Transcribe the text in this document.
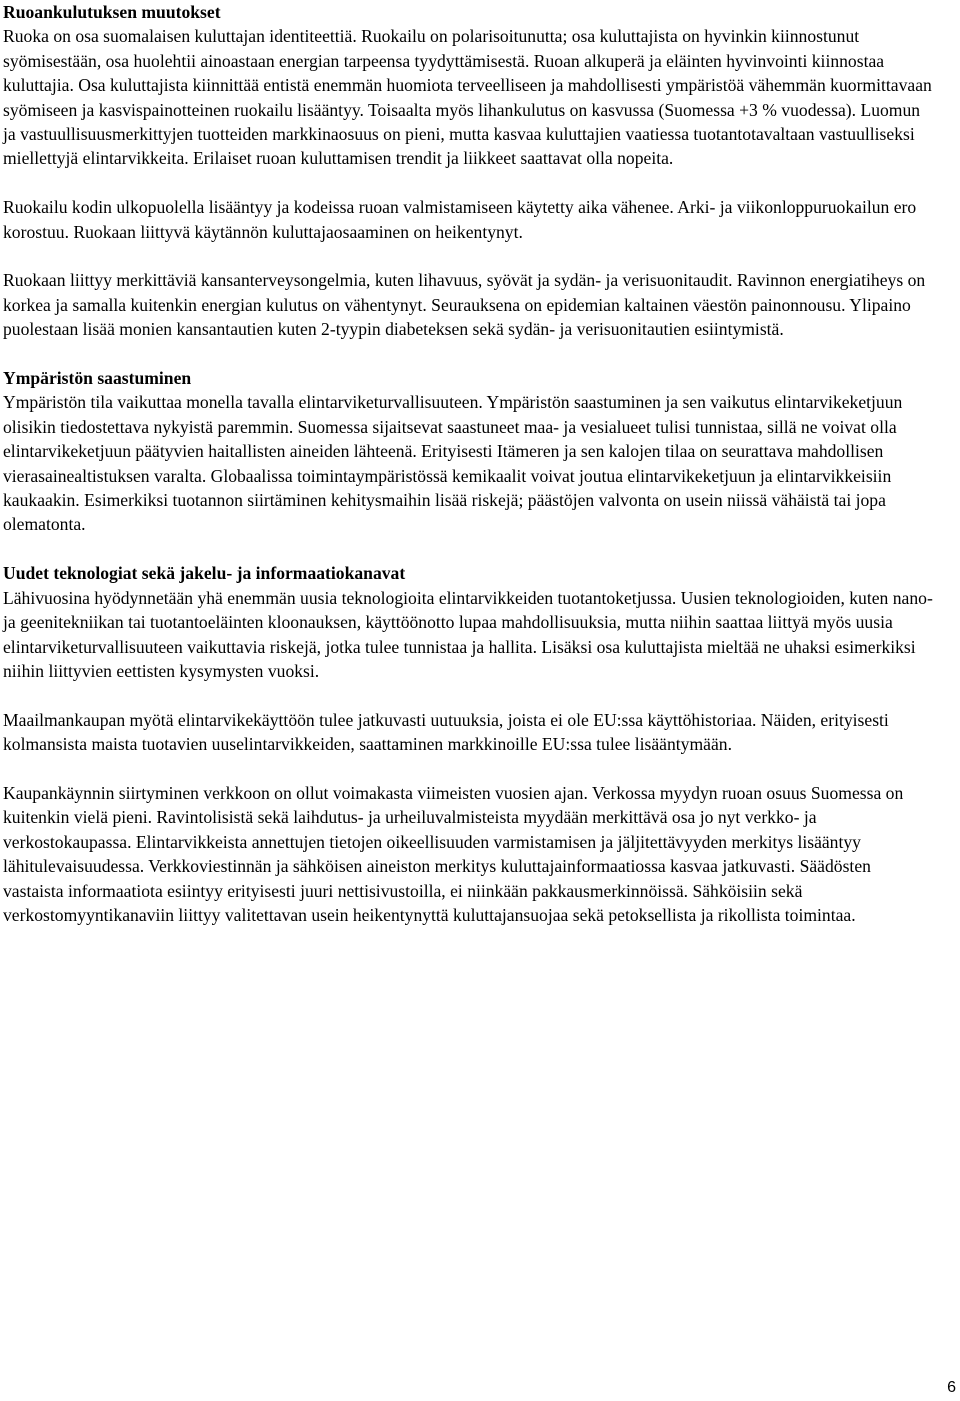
Ruoankulutuksen muutokset

Ruoka on osa suomalaisen kuluttajan identiteettiä. Ruokailu on polarisoitunutta; osa kuluttajista on hyvinkin kiinnostunut syömisestään, osa huolehtii ainoastaan energian tarpeensa tyydyttämisestä. Ruoan alkuperä ja eläinten hyvinvointi kiinnostaa kuluttajia. Osa kuluttajista kiinnittää entistä enemmän huomiota terveelliseen ja mahdollisesti ympäristöä vähemmän kuormittavaan syömiseen ja kasvispainotteinen ruokailu lisääntyy. Toisaalta myös lihankulutus on kasvussa (Suomessa +3 % vuodessa). Luomun ja vastuullisuusmerkittyjen tuotteiden markkinaosuus on pieni, mutta kasvaa kuluttajien vaatiessa tuotantotavaltaan vastuulliseksi miellettyjä elintarvikkeita. Erilaiset ruoan kuluttamisen trendit ja liikkeet saattavat olla nopeita.

Ruokailu kodin ulkopuolella lisääntyy ja kodeissa ruoan valmistamiseen käytetty aika vähenee. Arki- ja viikonloppuruokailun ero korostuu. Ruokaan liittyvä käytännön kuluttajaosaaminen on heikentynyt.

Ruokaan liittyy merkittäviä kansanterveysongelmia, kuten lihavuus, syövät ja sydän- ja verisuonitaudit. Ravinnon energiatiheys on korkea ja samalla kuitenkin energian kulutus on vähentynyt. Seurauksena on epidemian kaltainen väestön painonnousu. Ylipaino puolestaan lisää monien kansantautien kuten 2-tyypin diabeteksen sekä sydän- ja verisuonitautien esiintymistä.

Ympäristön saastuminen

Ympäristön tila vaikuttaa monella tavalla elintarviketurvallisuuteen. Ympäristön saastuminen ja sen vaikutus elintarvikeketjuun olisikin tiedostettava nykyistä paremmin. Suomessa sijaitsevat saastuneet maa- ja vesialueet tulisi tunnistaa, sillä ne voivat olla elintarvikeketjuun päätyvien haitallisten aineiden lähteenä. Erityisesti Itämeren ja sen kalojen tilaa on seurattava mahdollisen vierasainealtistuksen varalta. Globaalissa toimintaympäristössä kemikaalit voivat joutua elintarvikeketjuun ja elintarvikkeisiin kaukaakin. Esimerkiksi tuotannon siirtäminen kehitysmaihin lisää riskejä; päästöjen valvonta on usein niissä vähäistä tai jopa olematonta.

Uudet teknologiat sekä jakelu- ja informaatiokanavat

Lähivuosina hyödynnetään yhä enemmän uusia teknologioita elintarvikkeiden tuotantoketjussa. Uusien teknologioiden, kuten nano- ja geenitekniikan tai tuotantoeläinten kloonauksen, käyttöönotto lupaa mahdollisuuksia, mutta niihin saattaa liittyä myös uusia elintarviketurvallisuuteen vaikuttavia riskejä, jotka tulee tunnistaa ja hallita. Lisäksi osa kuluttajista mieltää ne uhaksi esimerkiksi niihin liittyvien eettisten kysymysten vuoksi.

Maailmankaupan myötä elintarvikekäyttöön tulee jatkuvasti uutuuksia, joista ei ole EU:ssa käyttöhistoriaa. Näiden, erityisesti kolmansista maista tuotavien uuselintarvikkeiden, saattaminen markkinoille EU:ssa tulee lisääntymään.

Kaupankäynnin siirtyminen verkkoon on ollut voimakasta viimeisten vuosien ajan. Verkossa myydyn ruoan osuus Suomessa on kuitenkin vielä pieni. Ravintolisistä sekä laihdutus- ja urheiluvalmisteista myydään merkittävä osa jo nyt verkko- ja verkostokaupassa. Elintarvikkeista annettujen tietojen oikeellisuuden varmistamisen ja jäljitettävyyden merkitys lisääntyy lähitulevaisuudessa. Verkkoviestinnän ja sähköisen aineiston merkitys kuluttajainformaatiossa kasvaa jatkuvasti. Säädösten vastaista informaatiota esiintyy erityisesti juuri nettisivustoilla, ei niinkään pakkausmerkinnöissä. Sähköisiin sekä verkostomyyntikanaviin liittyy valitettavan usein heikentynyttä kuluttajansuojaa sekä petoksellista ja rikollista toimintaa.

6
